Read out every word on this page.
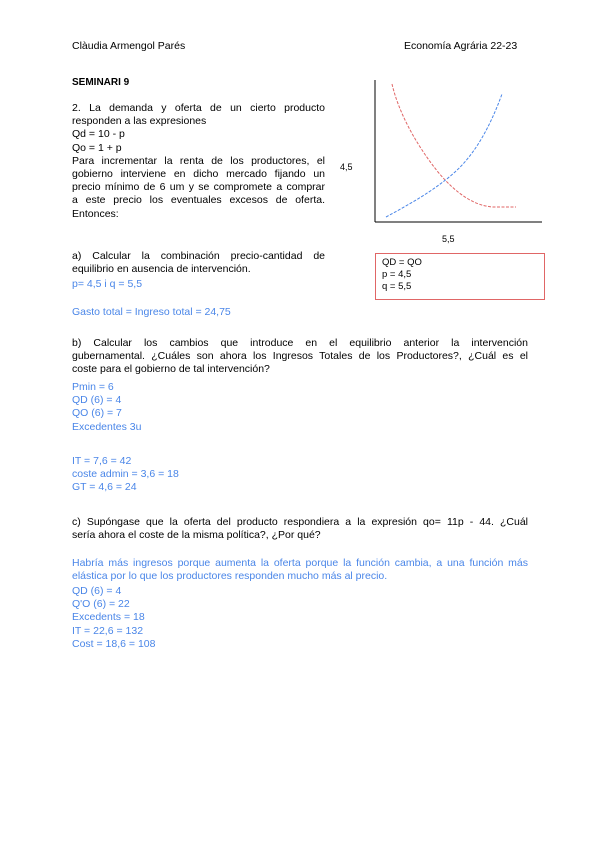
Clàudia Armengol Parés	Economía Agrária 22-23
SEMINARI 9
2. La demanda y oferta de un cierto producto
responden a las expresiones
Qd = 10 - p
Qo = 1 + p
Para incrementar la renta de los productores, el
gobierno interviene en dicho mercado fijando un
precio mínimo de 6 um y se compromete a comprar
a este precio los eventuales excesos de oferta.
Entonces:
4,5
5,5
QD = QO
p = 4,5
q = 5,5
a) Calcular la combinación precio-cantidad de
equilibrio en ausencia de intervención.
p= 4,5 i q = 5,5
Gasto total = Ingreso total = 24,75
b) Calcular los cambios que introduce en el equilibrio anterior la intervención
gubernamental. ¿Cuáles son ahora los Ingresos Totales de los Productores?, ¿Cuál es el
coste para el gobierno de tal intervención?
Pmin = 6
QD (6) = 4
QO (6) = 7
Excedentes 3u
IT = 7,6 = 42
coste admin = 3,6 = 18
GT = 4,6 = 24
c) Supóngase que la oferta del producto respondiera a la expresión qo= 11p - 44. ¿Cuál
sería ahora el coste de la misma política?, ¿Por qué?
Habría más ingresos porque aumenta la oferta porque la función cambia, a una función más
elástica por lo que los productores responden mucho más al precio.
QD (6) = 4
Q'O (6) = 22
Excedents = 18
IT = 22,6 = 132
Cost = 18,6 = 108
